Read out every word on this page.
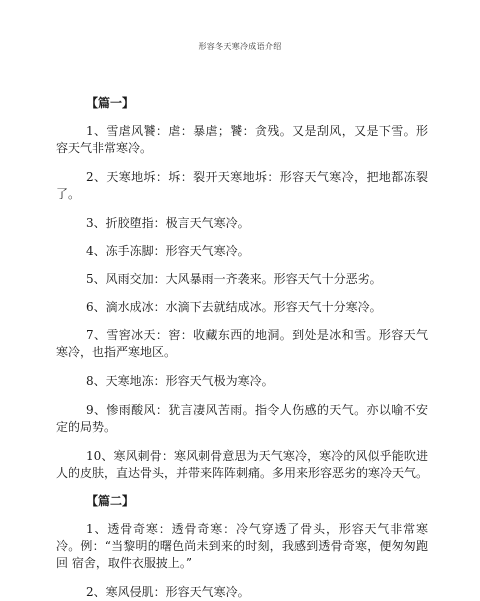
形容冬天寒冷成语介绍

【篇一】

1、雪虐风饕：虐：暴虐；饕：贪残。又是刮风，又是下雪。形容天气非常寒冷。

2、天寒地坼：坼：裂开天寒地坼：形容天气寒冷，把地都冻裂了。

3、折胶堕指：极言天气寒冷。

4、冻手冻脚：形容天气寒冷。

5、风雨交加：大风暴雨一齐袭来。形容天气十分恶劣。

6、滴水成冰：水滴下去就结成冰。形容天气十分寒冷。

7、雪窖冰天：窖：收藏东西的地洞。到处是冰和雪。形容天气寒冷，也指严寒地区。

8、天寒地冻：形容天气极为寒冷。

9、惨雨酸风：犹言凄风苦雨。指令人伤感的天气。亦以喻不安定的局势。

10、寒风刺骨：寒风刺骨意思为天气寒冷，寒冷的风似乎能吹进人的皮肤，直达骨头，并带来阵阵刺痛。多用来形容恶劣的寒冷天气。

【篇二】

1、透骨奇寒：透骨奇寒：冷气穿透了骨头，形容天气非常寒冷。例：“当黎明的曙色尚未到来的时刻，我感到透骨奇寒，便匆匆跑回 宿舍，取件衣服披上。”

2、寒风侵肌：形容天气寒冷。
